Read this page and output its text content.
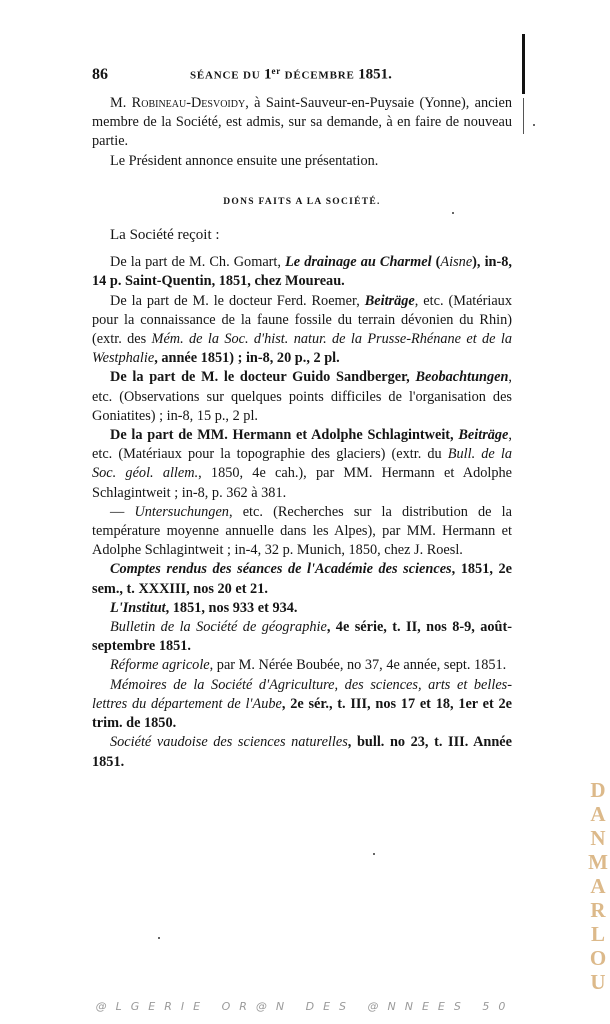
86	SÉANCE DU 1er DÉCEMBRE 1851.

M. Robineau-Desvoidy, à Saint-Sauveur-en-Puysaie (Yonne), ancien membre de la Société, est admis, sur sa demande, à en faire de nouveau partie.

Le Président annonce ensuite une présentation.

DONS FAITS A LA SOCIÉTÉ.

La Société reçoit :

De la part de M. Ch. Gomart, Le drainage au Charmel (Aisne), in-8, 14 p. Saint-Quentin, 1851, chez Moureau.

De la part de M. le docteur Ferd. Roemer, Beiträge, etc. (Matériaux pour la connaissance de la faune fossile du terrain dévonien du Rhin) (extr. des Mém. de la Soc. d'hist. natur. de la Prusse-Rhénane et de la Westphalie, année 1851) ; in-8, 20 p., 2 pl.

De la part de M. le docteur Guido Sandberger, Beobachtungen, etc. (Observations sur quelques points difficiles de l'organisation des Goniatites) ; in-8, 15 p., 2 pl.

De la part de MM. Hermann et Adolphe Schlagintweit, Beiträge, etc. (Matériaux pour la topographie des glaciers) (extr. du Bull. de la Soc. géol. allem., 1850, 4e cah.), par MM. Hermann et Adolphe Schlagintweit ; in-8, p. 362 à 381.

— Untersuchungen, etc. (Recherches sur la distribution de la température moyenne annuelle dans les Alpes), par MM. Hermann et Adolphe Schlagintweit ; in-4, 32 p. Munich, 1850, chez J. Roesl.

Comptes rendus des séances de l'Académie des sciences, 1851, 2e sem., t. XXXIII, nos 20 et 21.

L'Institut, 1851, nos 933 et 934.

Bulletin de la Société de géographie, 4e série, t. II, nos 8-9, août-septembre 1851.

Réforme agricole, par M. Nérée Boubée, no 37, 4e année, sept. 1851.

Mémoires de la Société d'Agriculture, des sciences, arts et belles-lettres du département de l'Aube, 2e sér., t. III, nos 17 et 18, 1er et 2e trim. de 1850.

Société vaudoise des sciences naturelles, bull. no 23, t. III. Année 1851.

D
A
N
M
A
R
L
O
U
@LGERIE OR@N DES @NNEES 50
